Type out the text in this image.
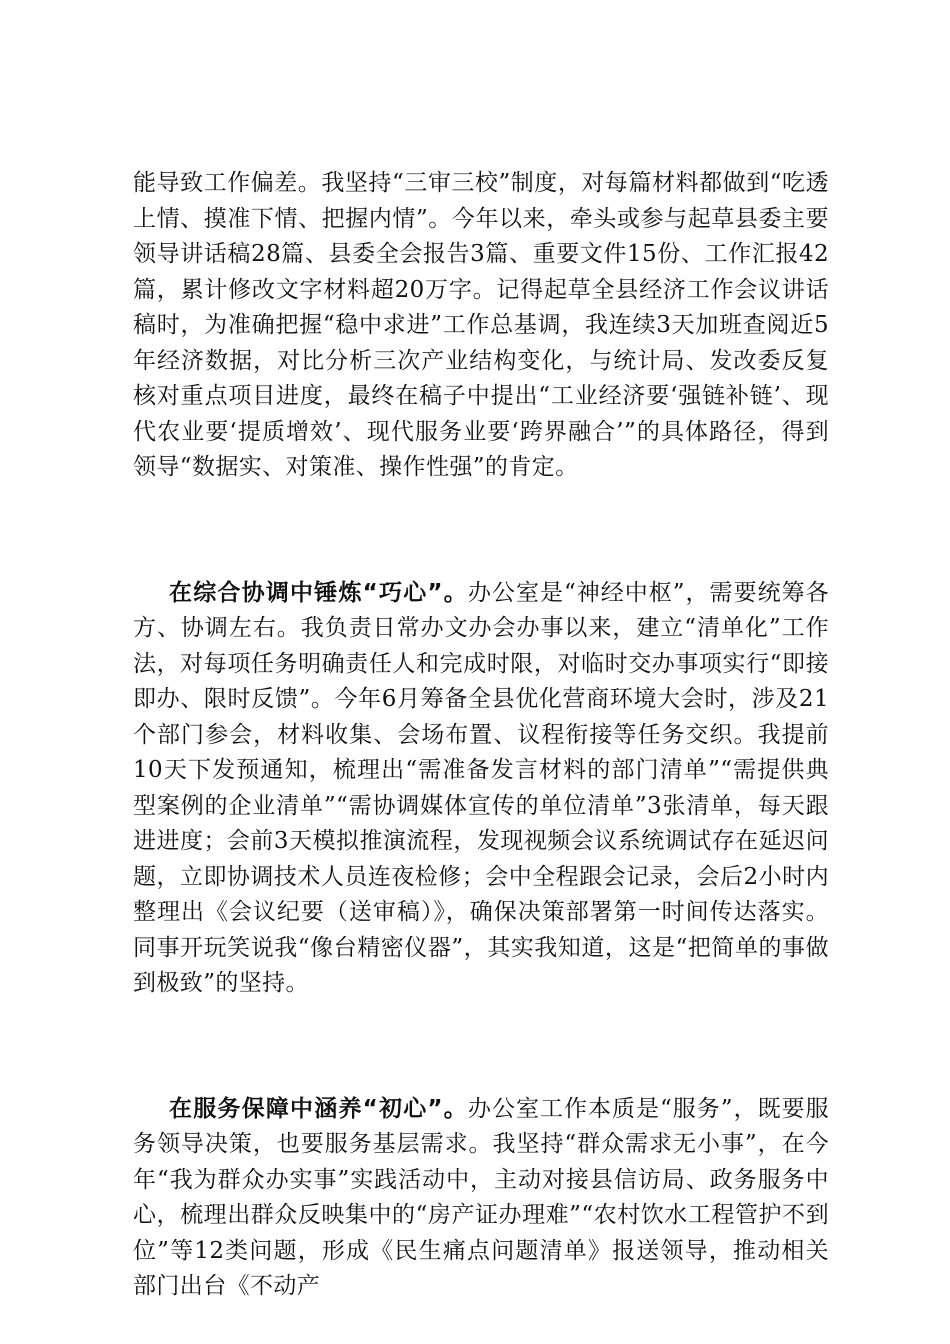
能导致工作偏差。我坚持“三审三校”制度，对每篇材料都做到“吃透上情、摸准下情、把握内情”。今年以来，牵头或参与起草县委主要领导讲话稿28篇、县委全会报告3篇、重要文件15份、工作汇报42篇，累计修改文字材料超20万字。记得起草全县经济工作会议讲话稿时，为准确把握“稳中求进”工作总基调，我连续3天加班查阅近5年经济数据，对比分析三次产业结构变化，与统计局、发改委反复核对重点项目进度，最终在稿子中提出“工业经济要‘强链补链’、现代农业要‘提质增效’、现代服务业要‘跨界融合’”的具体路径，得到领导“数据实、对策准、操作性强”的肯定。

在综合协调中锤炼“巧心”。办公室是“神经中枢”，需要统筹各方、协调左右。我负责日常办文办会办事以来，建立“清单化”工作法，对每项任务明确责任人和完成时限，对临时交办事项实行“即接即办、限时反馈”。今年6月筹备全县优化营商环境大会时，涉及21个部门参会，材料收集、会场布置、议程衔接等任务交织。我提前10天下发预通知，梳理出“需准备发言材料的部门清单”“需提供典型案例的企业清单”“需协调媒体宣传的单位清单”3张清单，每天跟进进度；会前3天模拟推演流程，发现视频会议系统调试存在延迟问题，立即协调技术人员连夜检修；会中全程跟会记录，会后2小时内整理出《会议纪要（送审稿）》，确保决策部署第一时间传达落实。同事开玩笑说我“像台精密仪器”，其实我知道，这是“把简单的事做到极致”的坚持。

在服务保障中涵养“初心”。办公室工作本质是“服务”，既要服务领导决策，也要服务基层需求。我坚持“群众需求无小事”，在今年“我为群众办实事”实践活动中，主动对接县信访局、政务服务中心，梳理出群众反映集中的“房产证办理难”“农村饮水工程管护不到位”等12类问题，形成《民生痛点问题清单》报送领导，推动相关部门出台《不动产
